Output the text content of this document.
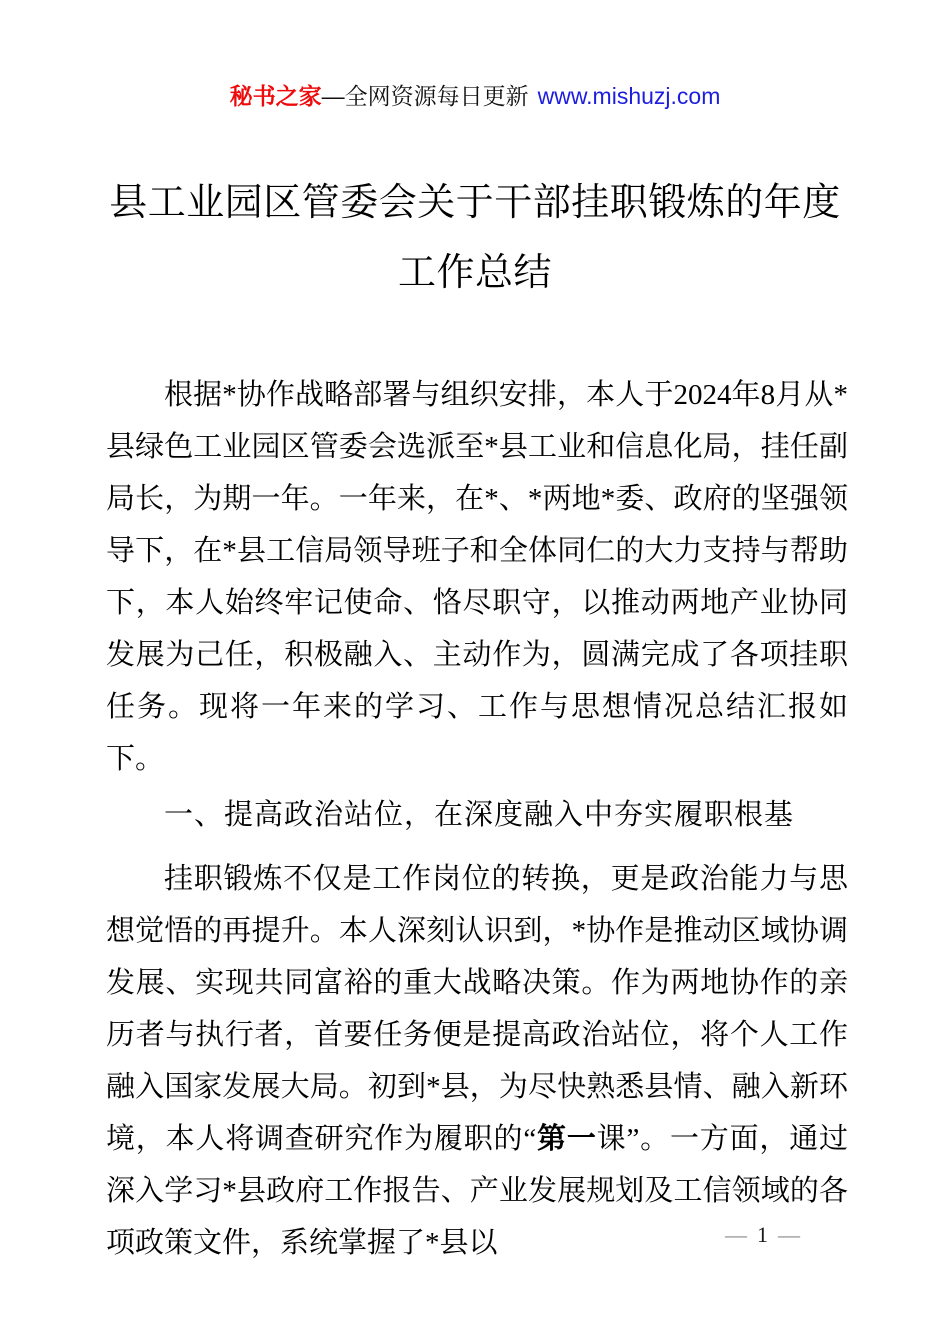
秘书之家—全网资源每日更新 www.mishuzj.com
县工业园区管委会关于干部挂职锻炼的年度工作总结

根据*协作战略部署与组织安排，本人于2024年8月从*县绿色工业园区管委会选派至*县工业和信息化局，挂任副局长，为期一年。一年来，在*、*两地*委、政府的坚强领导下，在*县工信局领导班子和全体同仁的大力支持与帮助下，本人始终牢记使命、恪尽职守，以推动两地产业协同发展为己任，积极融入、主动作为，圆满完成了各项挂职任务。现将一年来的学习、工作与思想情况总结汇报如下。

一、提高政治站位，在深度融入中夯实履职根基

挂职锻炼不仅是工作岗位的转换，更是政治能力与思想觉悟的再提升。本人深刻认识到，*协作是推动区域协调发展、实现共同富裕的重大战略决策。作为两地协作的亲历者与执行者，首要任务便是提高政治站位，将个人工作融入国家发展大局。初到*县，为尽快熟悉县情、融入新环境，本人将调查研究作为履职的“第一课”。一方面，通过深入学习*县政府工作报告、产业发展规划及工信领域的各项政策文件，系统掌握了*县以	— 1 —
